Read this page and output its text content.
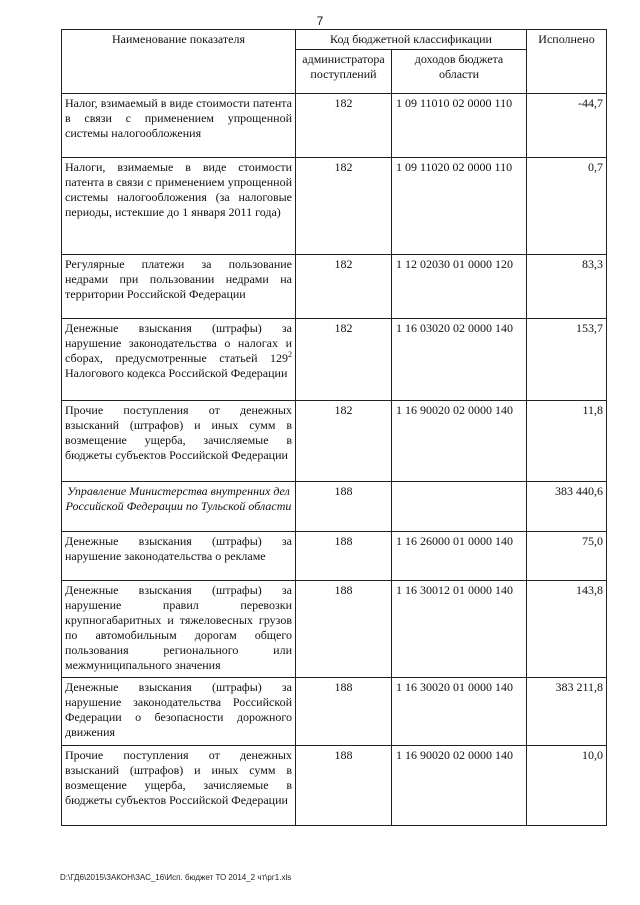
7
Наименование показателя	Код бюджетной классификации		Исполнено
	администратора поступлений	доходов бюджета области	
Налог, взимаемый в виде стоимости патента в связи с применением упрощенной системы налогообложения	182	1 09 11010 02 0000 110	-44,7
Налоги, взимаемые в виде стоимости патента в связи с применением упрощенной системы налогообложения (за налоговые периоды, истекшие до 1 января 2011 года)	182	1 09 11020 02 0000 110	0,7
Регулярные платежи за пользование недрами при пользовании недрами на территории Российской Федерации	182	1 12 02030 01 0000 120	83,3
Денежные взыскания (штрафы) за нарушение законодательства о налогах и сборах, предусмотренные статьей $129^2$ Налогового кодекса Российской Федерации	182	1 16 03020 02 0000 140	153,7
Прочие поступления от денежных взысканий (штрафов) и иных сумм в возмещение ущерба, зачисляемые в бюджеты субъектов Российской Федерации	182	1 16 90020 02 0000 140	11,8
Управление Министерства внутренних дел Российской Федерации по Тульской области	188		383 440,6
Денежные взыскания (штрафы) за нарушение законодательства о рекламе	188	1 16 26000 01 0000 140	75,0
Денежные взыскания (штрафы) за нарушение правил перевозки крупногабаритных и тяжеловесных грузов по автомобильным дорогам общего пользования регионального или межмуниципального значения	188	1 16 30012 01 0000 140	143,8
Денежные взыскания (штрафы) за нарушение законодательства Российской Федерации о безопасности дорожного движения	188	1 16 30020 01 0000 140	383 211,8
Прочие поступления от денежных взысканий (штрафов) и иных сумм в возмещение ущерба, зачисляемые в бюджеты субъектов Российской Федерации	188	1 16 90020 02 0000 140	10,0
D:\ГД6\2015\ЗАКОН\ЗАС_16\Исп. бюджет ТО 2014_2 чт\рг1.xls
